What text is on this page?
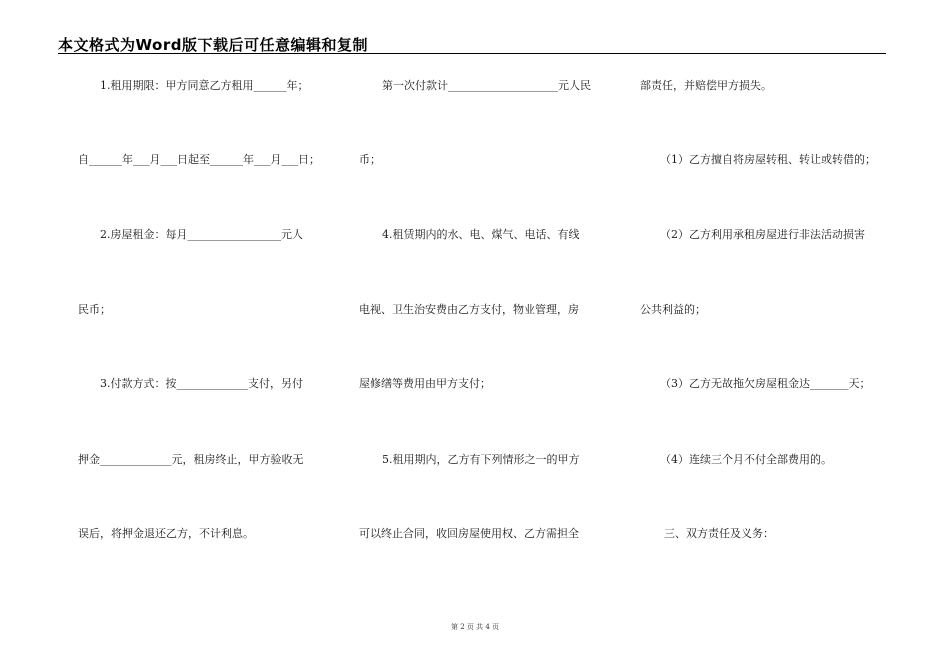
本文格式为Word版下载后可任意编辑和复制
1.租用期限：甲方同意乙方租用______年；
自______年___月___日起至______年___月___日；
2.房屋租金：每月_________________元人
民币；
3.付款方式：按_____________支付，另付
押金_____________元，租房终止，甲方验收无
误后，将押金退还乙方，不计利息。
第一次付款计____________________元人民
币；
4.租赁期内的水、电、煤气、电话、有线
电视、卫生治安费由乙方支付，物业管理，房
屋修缮等费用由甲方支付；
5.租用期内，乙方有下列情形之一的甲方
可以终止合同，收回房屋使用权、乙方需担全
部责任，并赔偿甲方损失。
（1）乙方擅自将房屋转租、转让或转借的；
（2）乙方利用承租房屋进行非法活动损害
公共利益的；
（3）乙方无故拖欠房屋租金达_______天；
（4）连续三个月不付全部费用的。
三、双方责任及义务：
第 2 页 共 4 页
